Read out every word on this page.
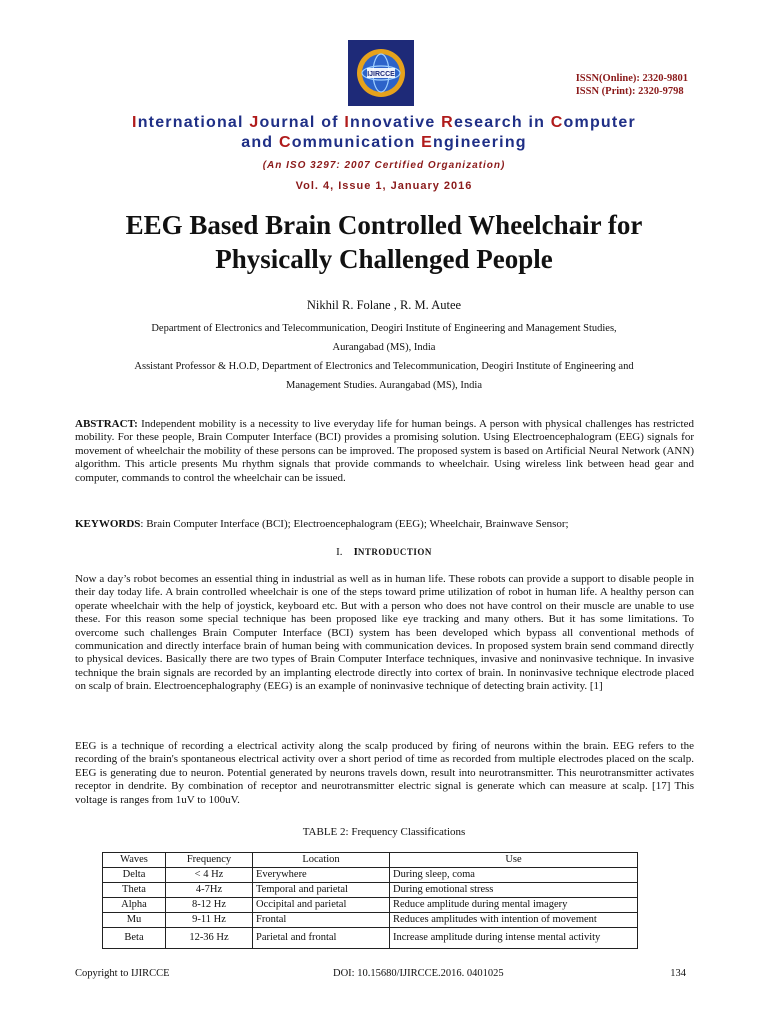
IJIRCCE	ISSN(Online): 2320-9801
ISSN (Print): 2320-9798
International Journal of Innovative Research in Computer
and Communication Engineering
(An ISO 3297: 2007 Certified Organization)
Vol. 4, Issue 1, January 2016
EEG Based Brain Controlled Wheelchair for
Physically Challenged People
Nikhil R. Folane , R. M. Autee
Department of Electronics and Telecommunication, Deogiri Institute of Engineering and Management Studies,
Aurangabad (MS), India
Assistant Professor & H.O.D, Department of Electronics and Telecommunication, Deogiri Institute of Engineering and
Management Studies. Aurangabad (MS), India
ABSTRACT: Independent mobility is a necessity to live everyday life for human beings. A person with physical challenges has restricted mobility. For these people, Brain Computer Interface (BCI) provides a promising solution. Using Electroencephalogram (EEG) signals for movement of wheelchair the mobility of these persons can be improved. The proposed system is based on Artificial Neural Network (ANN) algorithm. This article presents Mu rhythm signals that provide commands to wheelchair. Using wireless link between head gear and computer, commands to control the wheelchair can be issued.
KEYWORDS: Brain Computer Interface (BCI); Electroencephalogram (EEG); Wheelchair, Brainwave Sensor;
I. INTRODUCTION
Now a day’s robot becomes an essential thing in industrial as well as in human life. These robots can provide a support to disable people in their day today life. A brain controlled wheelchair is one of the steps toward prime utilization of robot in human life. A healthy person can operate wheelchair with the help of joystick, keyboard etc. But with a person who does not have control on their muscle are unable to use these. For this reason some special technique has been proposed like eye tracking and many others. But it has some limitations. To overcome such challenges Brain Computer Interface (BCI) system has been developed which bypass all conventional methods of communication and directly interface brain of human being with communication devices. In proposed system brain send command directly to physical devices. Basically there are two types of Brain Computer Interface techniques, invasive and noninvasive technique. In invasive technique the brain signals are recorded by an implanting electrode directly into cortex of brain. In noninvasive technique electrode placed on scalp of brain. Electroencephalography (EEG) is an example of noninvasive technique of detecting brain activity. [1]
EEG is a technique of recording a electrical activity along the scalp produced by firing of neurons within the brain. EEG refers to the recording of the brain's spontaneous electrical activity over a short period of time as recorded from multiple electrodes placed on the scalp. EEG is generating due to neuron. Potential generated by neurons travels down, result into neurotransmitter. This neurotransmitter activates receptor in dendrite. By combination of receptor and neurotransmitter electric signal is generate which can measure at scalp. [17] This voltage is ranges from 1uV to 100uV.
TABLE 2: Frequency Classifications
Waves	Frequency	Location	Use
Delta	< 4 Hz	Everywhere	During sleep, coma
Theta	4-7Hz	Temporal and parietal	During emotional stress
Alpha	8-12 Hz	Occipital and parietal	Reduce amplitude during mental imagery
Mu	9-11 Hz	Frontal	Reduces amplitudes with intention of movement
Beta	12-36 Hz	Parietal and frontal	Increase amplitude during intense mental activity
Copyright to IJIRCCE	DOI: 10.15680/IJIRCCE.2016. 0401025	134
